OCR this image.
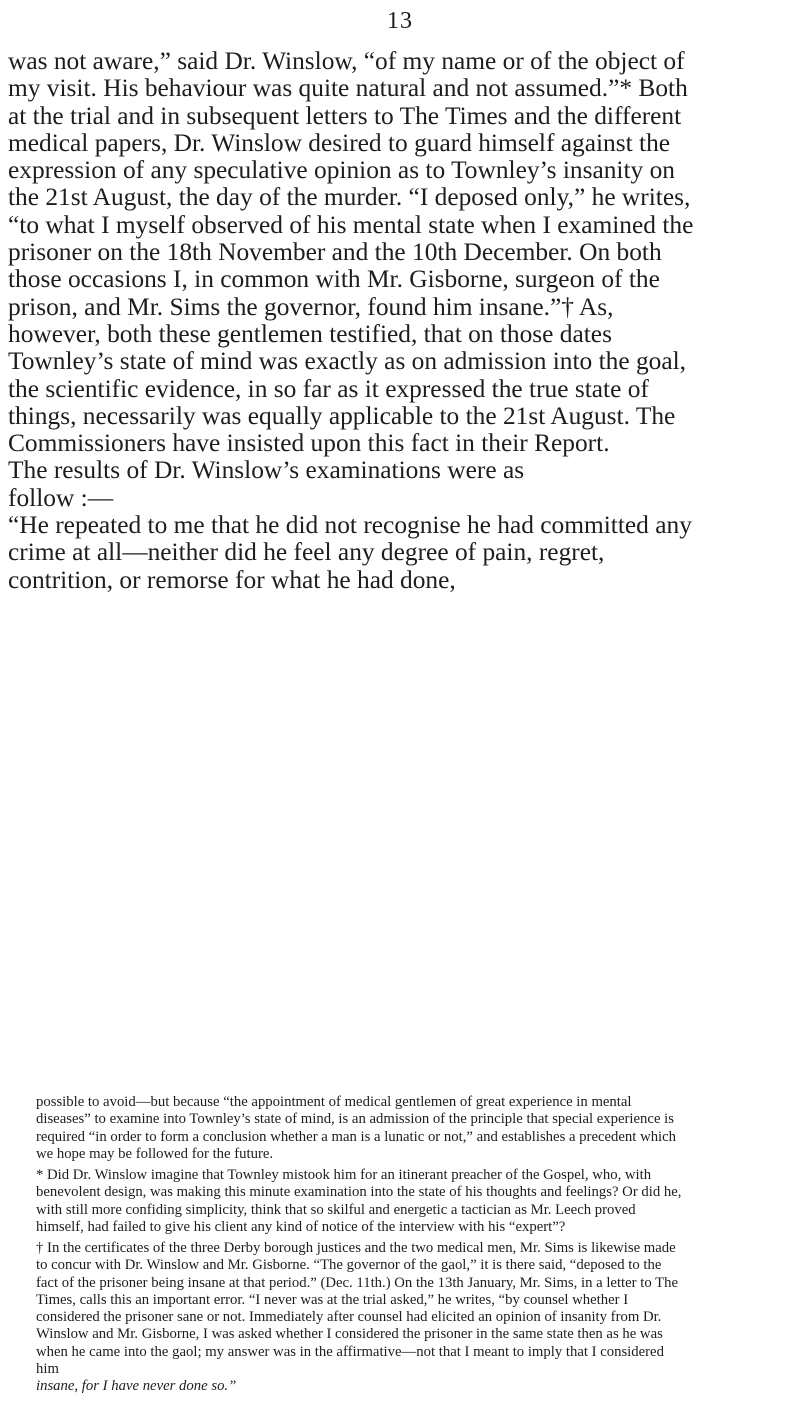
13

was not aware,” said Dr. Winslow, “of my name or of the object of my visit. His behaviour was quite natural and not assumed.”* Both at the trial and in subsequent letters to The Times and the different medical papers, Dr. Winslow desired to guard himself against the expression of any speculative opinion as to Townley’s insanity on the 21st August, the day of the murder. “I deposed only,” he writes, “to what I myself observed of his mental state when I examined the prisoner on the 18th November and the 10th December. On both those occasions I, in common with Mr. Gisborne, surgeon of the prison, and Mr. Sims the governor, found him insane.”† As, however, both these gentlemen testified, that on those dates Townley’s state of mind was exactly as on admission into the goal, the scientific evidence, in so far as it expressed the true state of things, necessarily was equally applicable to the 21st August. The Commissioners have insisted upon this fact in their Report.

The results of Dr. Winslow’s examinations were as

follow :—

“He repeated to me that he did not recognise he had committed any crime at all—neither did he feel any degree of pain, regret, contrition, or remorse for what he had done,

possible to avoid—but because “the appointment of medical gentlemen of great experience in mental diseases” to examine into Townley’s state of mind, is an admission of the principle that special experience is required “in order to form a conclusion whether a man is a lunatic or not,” and establishes a precedent which we hope may be followed for the future.

* Did Dr. Winslow imagine that Townley mistook him for an itinerant preacher of the Gospel, who, with benevolent design, was making this minute examination into the state of his thoughts and feelings? Or did he, with still more confiding simplicity, think that so skilful and energetic a tactician as Mr. Leech proved himself, had failed to give his client any kind of notice of the interview with his “expert”?

† In the certificates of the three Derby borough justices and the two medical men, Mr. Sims is likewise made to concur with Dr. Winslow and Mr. Gisborne. “The governor of the gaol,” it is there said, “deposed to the fact of the prisoner being insane at that period.” (Dec. 11th.) On the 13th January, Mr. Sims, in a letter to The Times, calls this an important error. “I never was at the trial asked,” he writes, “by counsel whether I considered the prisoner sane or not. Immediately after counsel had elicited an opinion of insanity from Dr. Winslow and Mr. Gisborne, I was asked whether I considered the prisoner in the same state then as he was when he came into the gaol; my answer was in the affirmative—not that I meant to imply that I considered him

insane, for I have never done so.”
